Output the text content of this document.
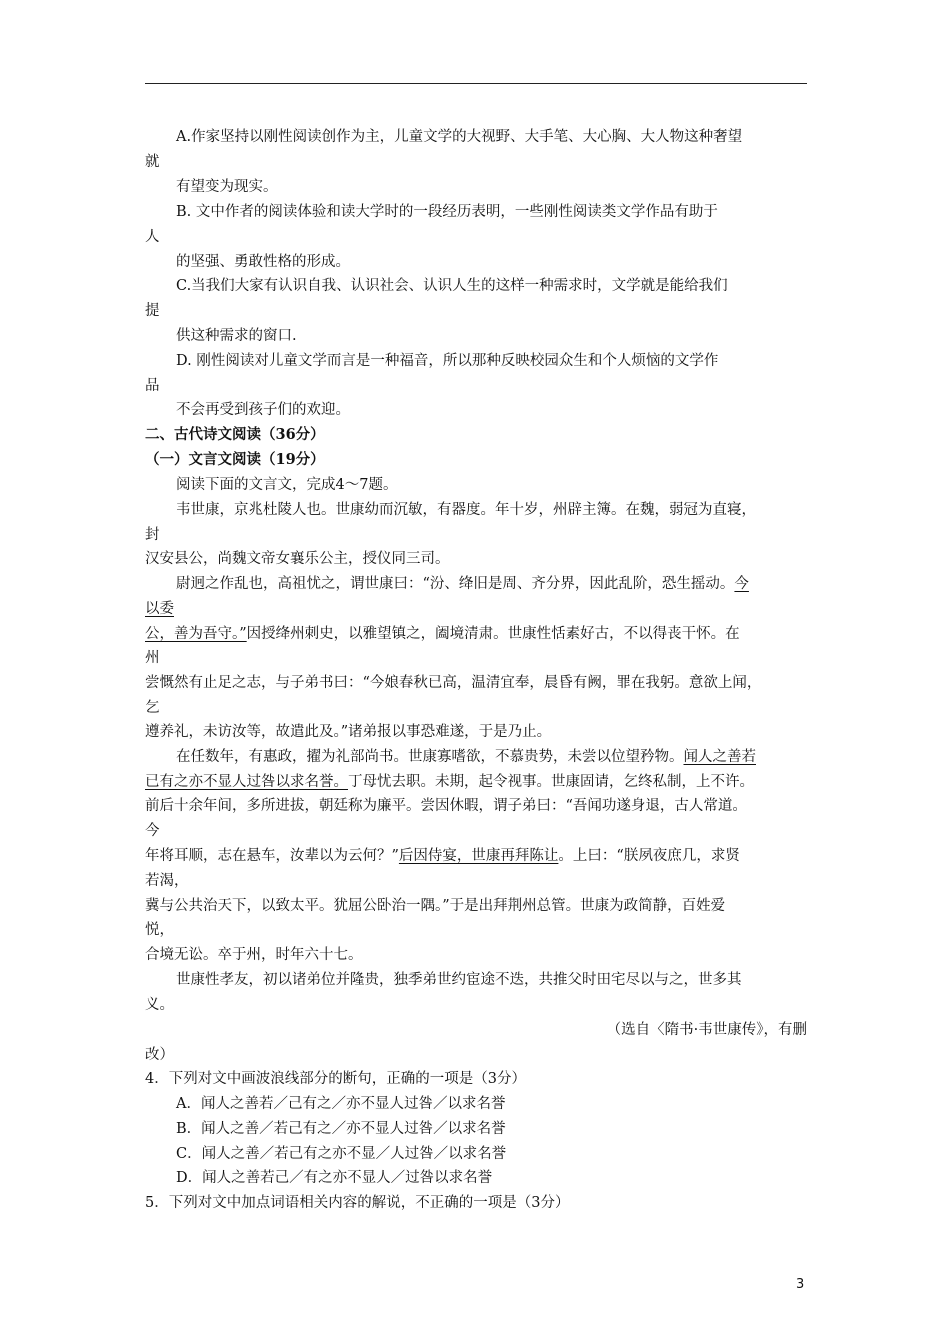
A.作家坚持以刚性阅读创作为主，儿童文学的大视野、大手笔、大心胸、大人物这种奢望
就
有望变为现实。
B. 文中作者的阅读体验和读大学时的一段经历表明，一些刚性阅读类文学作品有助于
人
的坚强、勇敢性格的形成。
C.当我们大家有认识自我、认识社会、认识人生的这样一种需求时，文学就是能给我们
提
供这种需求的窗口.
D. 刚性阅读对儿童文学而言是一种福音，所以那种反映校园众生和个人烦恼的文学作
品
不会再受到孩子们的欢迎。
二、古代诗文阅读（36分）
（一）文言文阅读（19分）
阅读下面的文言文，完成4～7题。
韦世康，京兆杜陵人也。世康幼而沉敏，有器度。年十岁，州辟主簿。在魏，弱冠为直寝，
封
汉安县公，尚魏文帝女襄乐公主，授仪同三司。
尉迥之作乱也，高祖忧之，谓世康曰：“汾、绛旧是周、齐分界，因此乱阶，恐生摇动。今
以委
公，善为吾守。”因授绛州刺史，以雅望镇之，阖境清肃。世康性恬素好古，不以得丧干怀。在
州
尝慨然有止足之志，与子弟书曰：“今娘春秋已高，温清宜奉，晨昏有阙，罪在我躬。意欲上闻，
乞
遵养礼，未访汝等，故遣此及。”诸弟报以事恐难遂，于是乃止。
在任数年，有惠政，擢为礼部尚书。世康寡嗜欲，不慕贵势，未尝以位望矜物。闻人之善若
已有之亦不显人过咎以求名誉。丁母忧去职。未期，起令视事。世康固请，乞终私制，上不许。
前后十余年间，多所进拔，朝廷称为廉平。尝因休暇，谓子弟曰：“吾闻功遂身退，古人常道。
今
年将耳顺，志在悬车，汝辈以为云何？”后因侍宴，世康再拜陈让。上曰：“朕夙夜庶几，求贤
若渴，
冀与公共治天下，以致太平。犹屈公卧治一隅。”于是出拜荆州总管。世康为政简静，百姓爱
悦，
合境无讼。卒于州，时年六十七。
世康性孝友，初以诸弟位并隆贵，独季弟世约宦途不迭，共推父时田宅尽以与之，世多其
义。
（选自〈隋书·韦世康传》，有删
改）
4．下列对文中画波浪线部分的断句，正确的一项是（3分）
A．闻人之善若／己有之／亦不显人过咎／以求名誉
B．闻人之善／若己有之／亦不显人过咎／以求名誉
C．闻人之善／若己有之亦不显／人过咎／以求名誉
D．闻人之善若己／有之亦不显人／过咎以求名誉
5．下列对文中加点词语相关内容的解说，不正确的一项是（3分）
3
